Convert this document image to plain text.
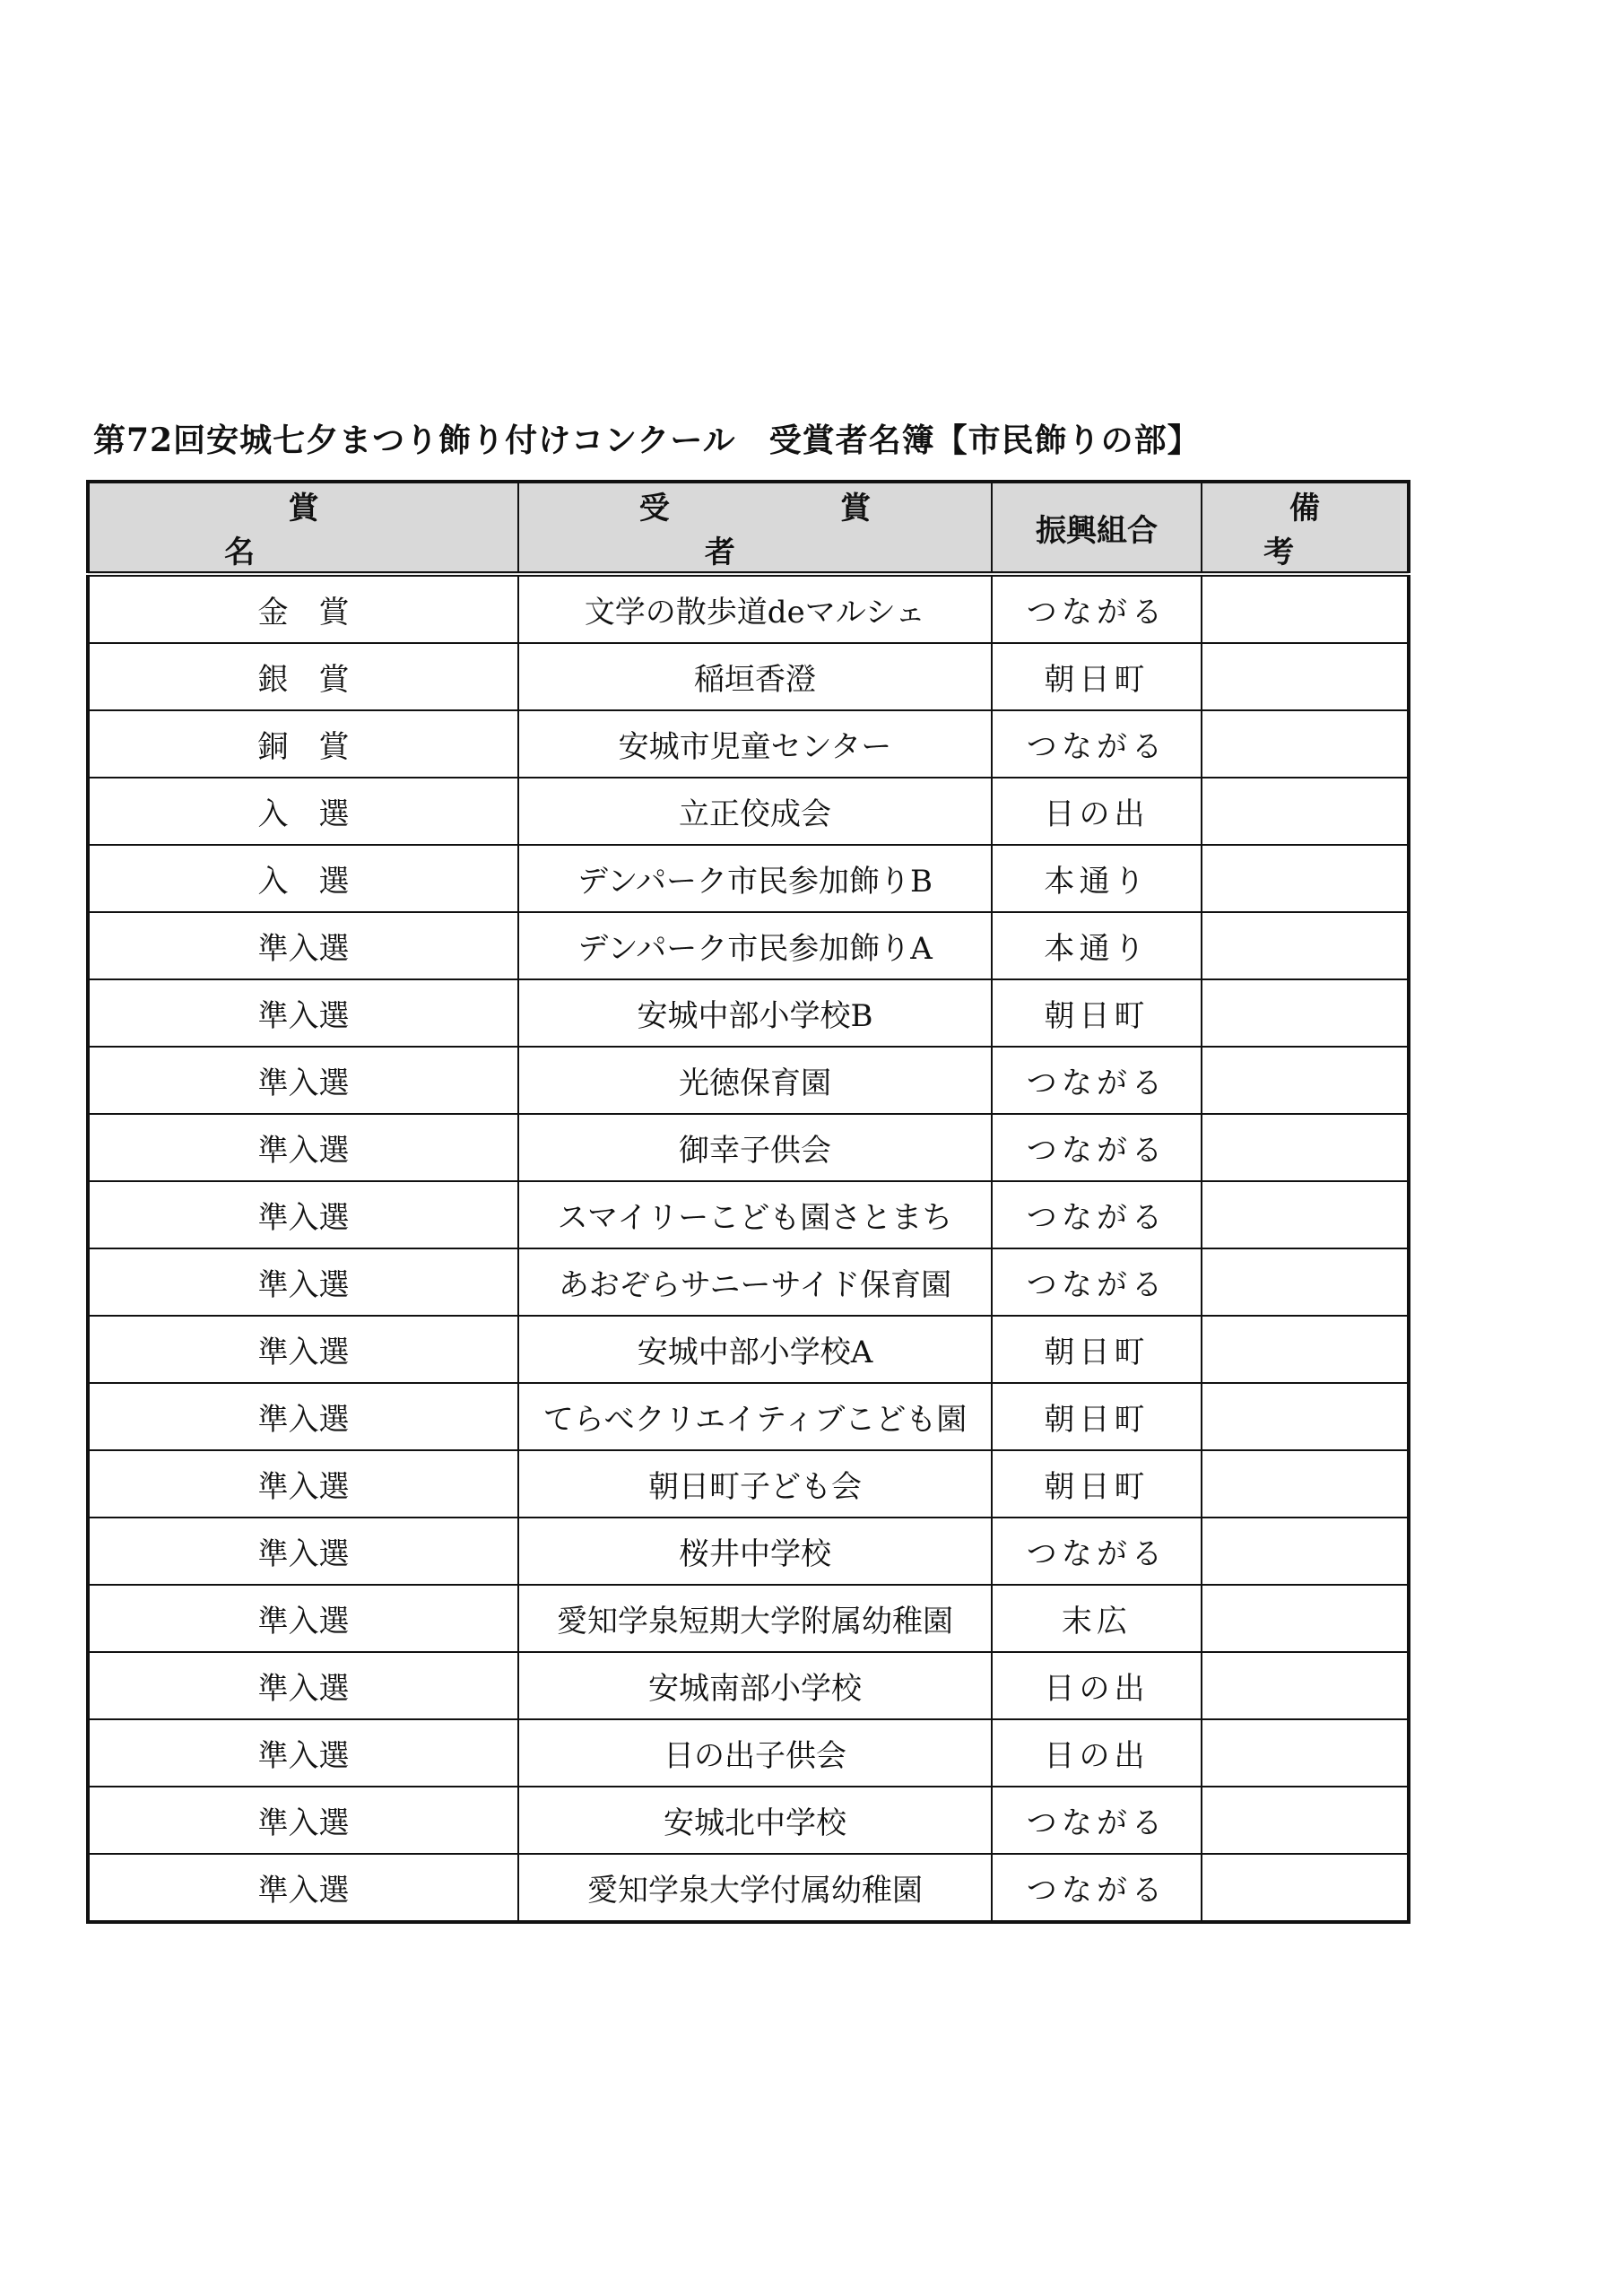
第72回安城七夕まつり飾り付けコンクール　受賞者名簿【市民飾りの部】
賞　名	受　賞　者	振興組合	備　考
金　賞	文学の散歩道deマルシェ	つながる	
銀　賞	稲垣香澄	朝日町	
銅　賞	安城市児童センター	つながる	
入　選	立正佼成会	日の出	
入　選	デンパーク市民参加飾りB	本通り	
準入選	デンパーク市民参加飾りA	本通り	
準入選	安城中部小学校B	朝日町	
準入選	光徳保育園	つながる	
準入選	御幸子供会	つながる	
準入選	スマイリーこども園さとまち	つながる	
準入選	あおぞらサニーサイド保育園	つながる	
準入選	安城中部小学校A	朝日町	
準入選	てらべクリエイティブこども園	朝日町	
準入選	朝日町子ども会	朝日町	
準入選	桜井中学校	つながる	
準入選	愛知学泉短期大学附属幼稚園	末広	
準入選	安城南部小学校	日の出	
準入選	日の出子供会	日の出	
準入選	安城北中学校	つながる	
準入選	愛知学泉大学付属幼稚園	つながる	
